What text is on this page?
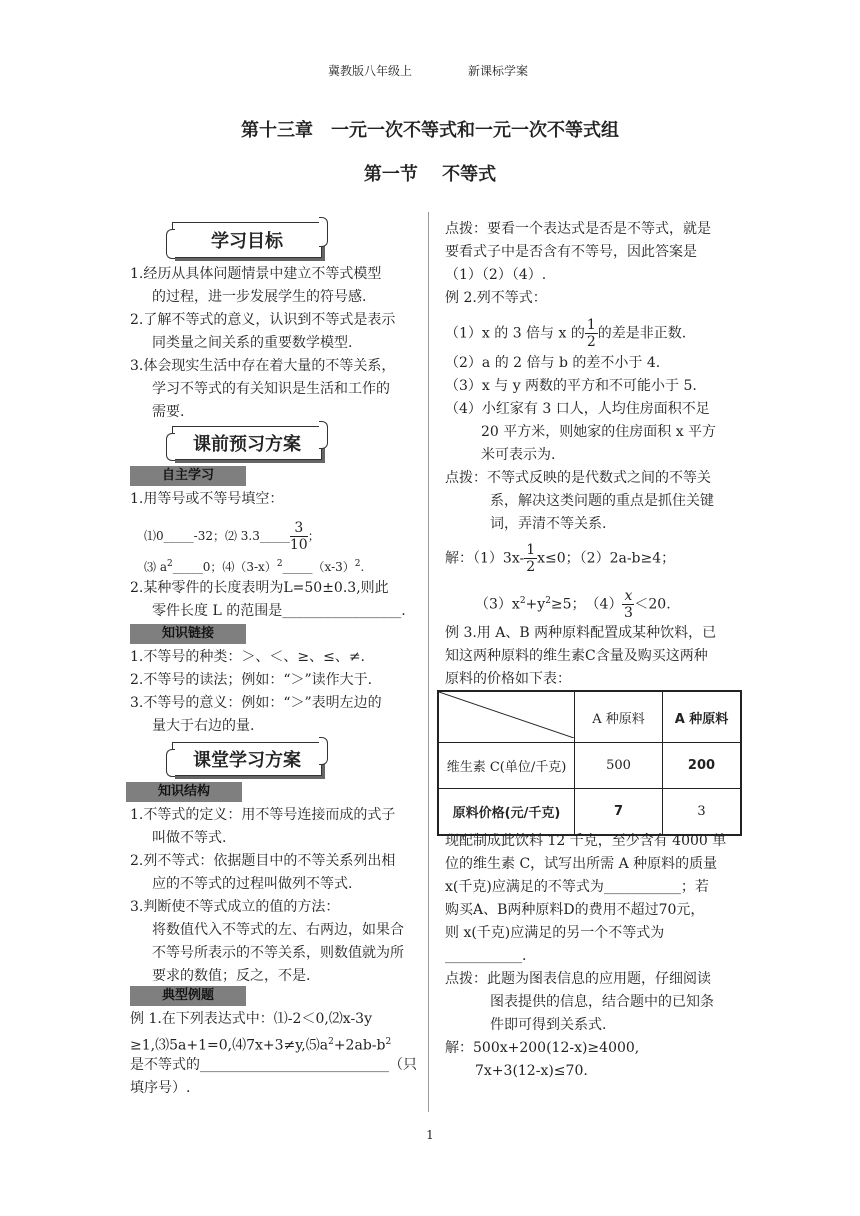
冀教版八年级上	新课标学案
第十三章　一元一次不等式和一元一次不等式组
第一节　 不等式
学习目标
1.经历从具体问题情景中建立不等式模型
的过程，进一步发展学生的符号感.
2.了解不等式的意义，认识到不等式是表示
同类量之间关系的重要数学模型.
3.体会现实生活中存在着大量的不等关系，
学习不等式的有关知识是生活和工作的
需要.
课前预习方案
自主学习
1.用等号或不等号填空：
⑴0_____-32；⑵ 3.3_____ $\frac{3}{10}$ ；
⑶ $a^2\_\_\_\_\_0$；$⑷(3-x)^2\_\_\_\_\_(x-3)^2$.
2.某种零件的长度表明为L=50±0.3,则此
零件长度 L 的范围是_________________.
知识链接
1.不等号的种类：＞、＜、≥、≤、≠.
2.不等号的读法；例如：“＞”读作大于.
3.不等号的意义：例如：“＞”表明左边的
量大于右边的量.
课堂学习方案
知识结构
1.不等式的定义：用不等号连接而成的式子
叫做不等式.
2.列不等式：依据题目中的不等关系列出相
应的不等式的过程叫做列不等式.
3.判断使不等式成立的值的方法：
将数值代入不等式的左、右两边，如果合
不等号所表示的不等关系，则数值就为所
要求的数值；反之，不是.
典型例题
例 1.在下列表达式中：⑴-2＜0,⑵x-3y
$\ge 1,⑶5a+1=0,⑷7x+3\ne y,⑸a^2+2ab-b^2$
是不等式的___________________________（只
填序号）.
点拨：要看一个表达式是否是不等式，就是
要看式子中是否含有不等号，因此答案是
（1）（2）（4）.
例 2.列不等式：
（1）x 的 3 倍与 x 的 $\frac{1}{2}$ 的差是非正数.
（2）a 的 2 倍与 b 的差不小于 4.
（3）x 与 y 两数的平方和不可能小于 5.
（4）小红家有 3 口人，人均住房面积不足
20 平方米，则她家的住房面积 x 平方
米可表示为.
点拨：不等式反映的是代数式之间的不等关
系，解决这类问题的重点是抓住关键
词，弄清不等关系.
解：$(1)3x- \frac{1}{2} x\le 0$；（2）2a-b≥4；
$(3)x^2+y^2\ge 5$；　$(4) \frac{x}{3} <20$.
例 3.用 A、B 两种原料配置成某种饮料，已
知这两种原料的维生素C含量及购买这两种
原料的价格如下表：
	A 种原料	A 种原料
维生素 C(单位/千克)	500	200
原料价格(元/千克)	7	3
现配制成此饮料 12 千克，至少含有 4000 单
位的维生素 C，试写出所需 A 种原料的质量
x(千克)应满足的不等式为___________；若
购买A、B两种原料D的费用不超过70元，
则 x(千克)应满足的另一个不等式为
___________.
点拨：此题为图表信息的应用题，仔细阅读
图表提供的信息，结合题中的已知条
件即可得到关系式.
解：500x+200(12-x)≥4000,
7x+3(12-x)≤70.
1
